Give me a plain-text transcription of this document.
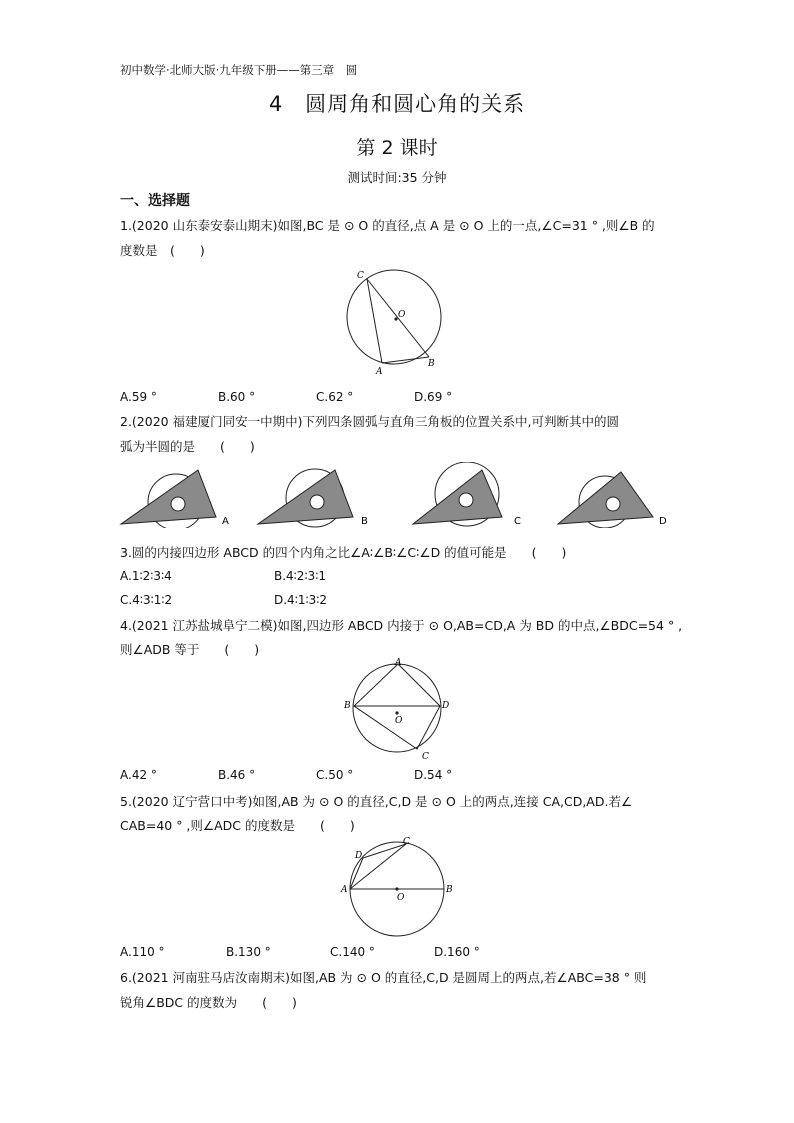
初中数学·北师大版·九年级下册——第三章　圆
4　圆周角和圆心角的关系
第 2 课时
测试时间:35 分钟
一、选择题
1.(2020 山东泰安泰山期末)如图,BC 是 ⊙ O 的直径,点 A 是 ⊙ O 上的一点,∠C=31 ° ,则∠B 的
度数是　(　　)
C
O
A
B
A.59 °	B.60 °	C.62 °	D.69 °
2.(2020 福建厦门同安一中期中)下列四条圆弧与直角三角板的位置关系中,可判断其中的圆
弧为半圆的是　　(　　)
A	B	C	D
3.圆的内接四边形 ABCD 的四个内角之比∠A∶∠B∶∠C∶∠D 的值可能是　　(　　)
A.1∶2∶3∶4	B.4∶2∶3∶1
C.4∶3∶1∶2	D.4∶1∶3∶2
4.(2021 江苏盐城阜宁二模)如图,四边形 ABCD 内接于 ⊙ O,AB=CD,A 为 BD 的中点,∠BDC=54 ° ,
则∠ADB 等于　　(　　)
A
B	D
O
C
A.42 °	B.46 °	C.50 °	D.54 °
5.(2020 辽宁营口中考)如图,AB 为 ⊙ O 的直径,C,D 是 ⊙ O 上的两点,连接 CA,CD,AD.若∠
CAB=40 ° ,则∠ADC 的度数是　　(　　)
C
D
A	B
O
A.110 °	B.130 °	C.140 °	D.160 °
6.(2021 河南驻马店汝南期末)如图,AB 为 ⊙ O 的直径,C,D 是圆周上的两点,若∠ABC=38 ° 则
锐角∠BDC 的度数为　　(　　)
